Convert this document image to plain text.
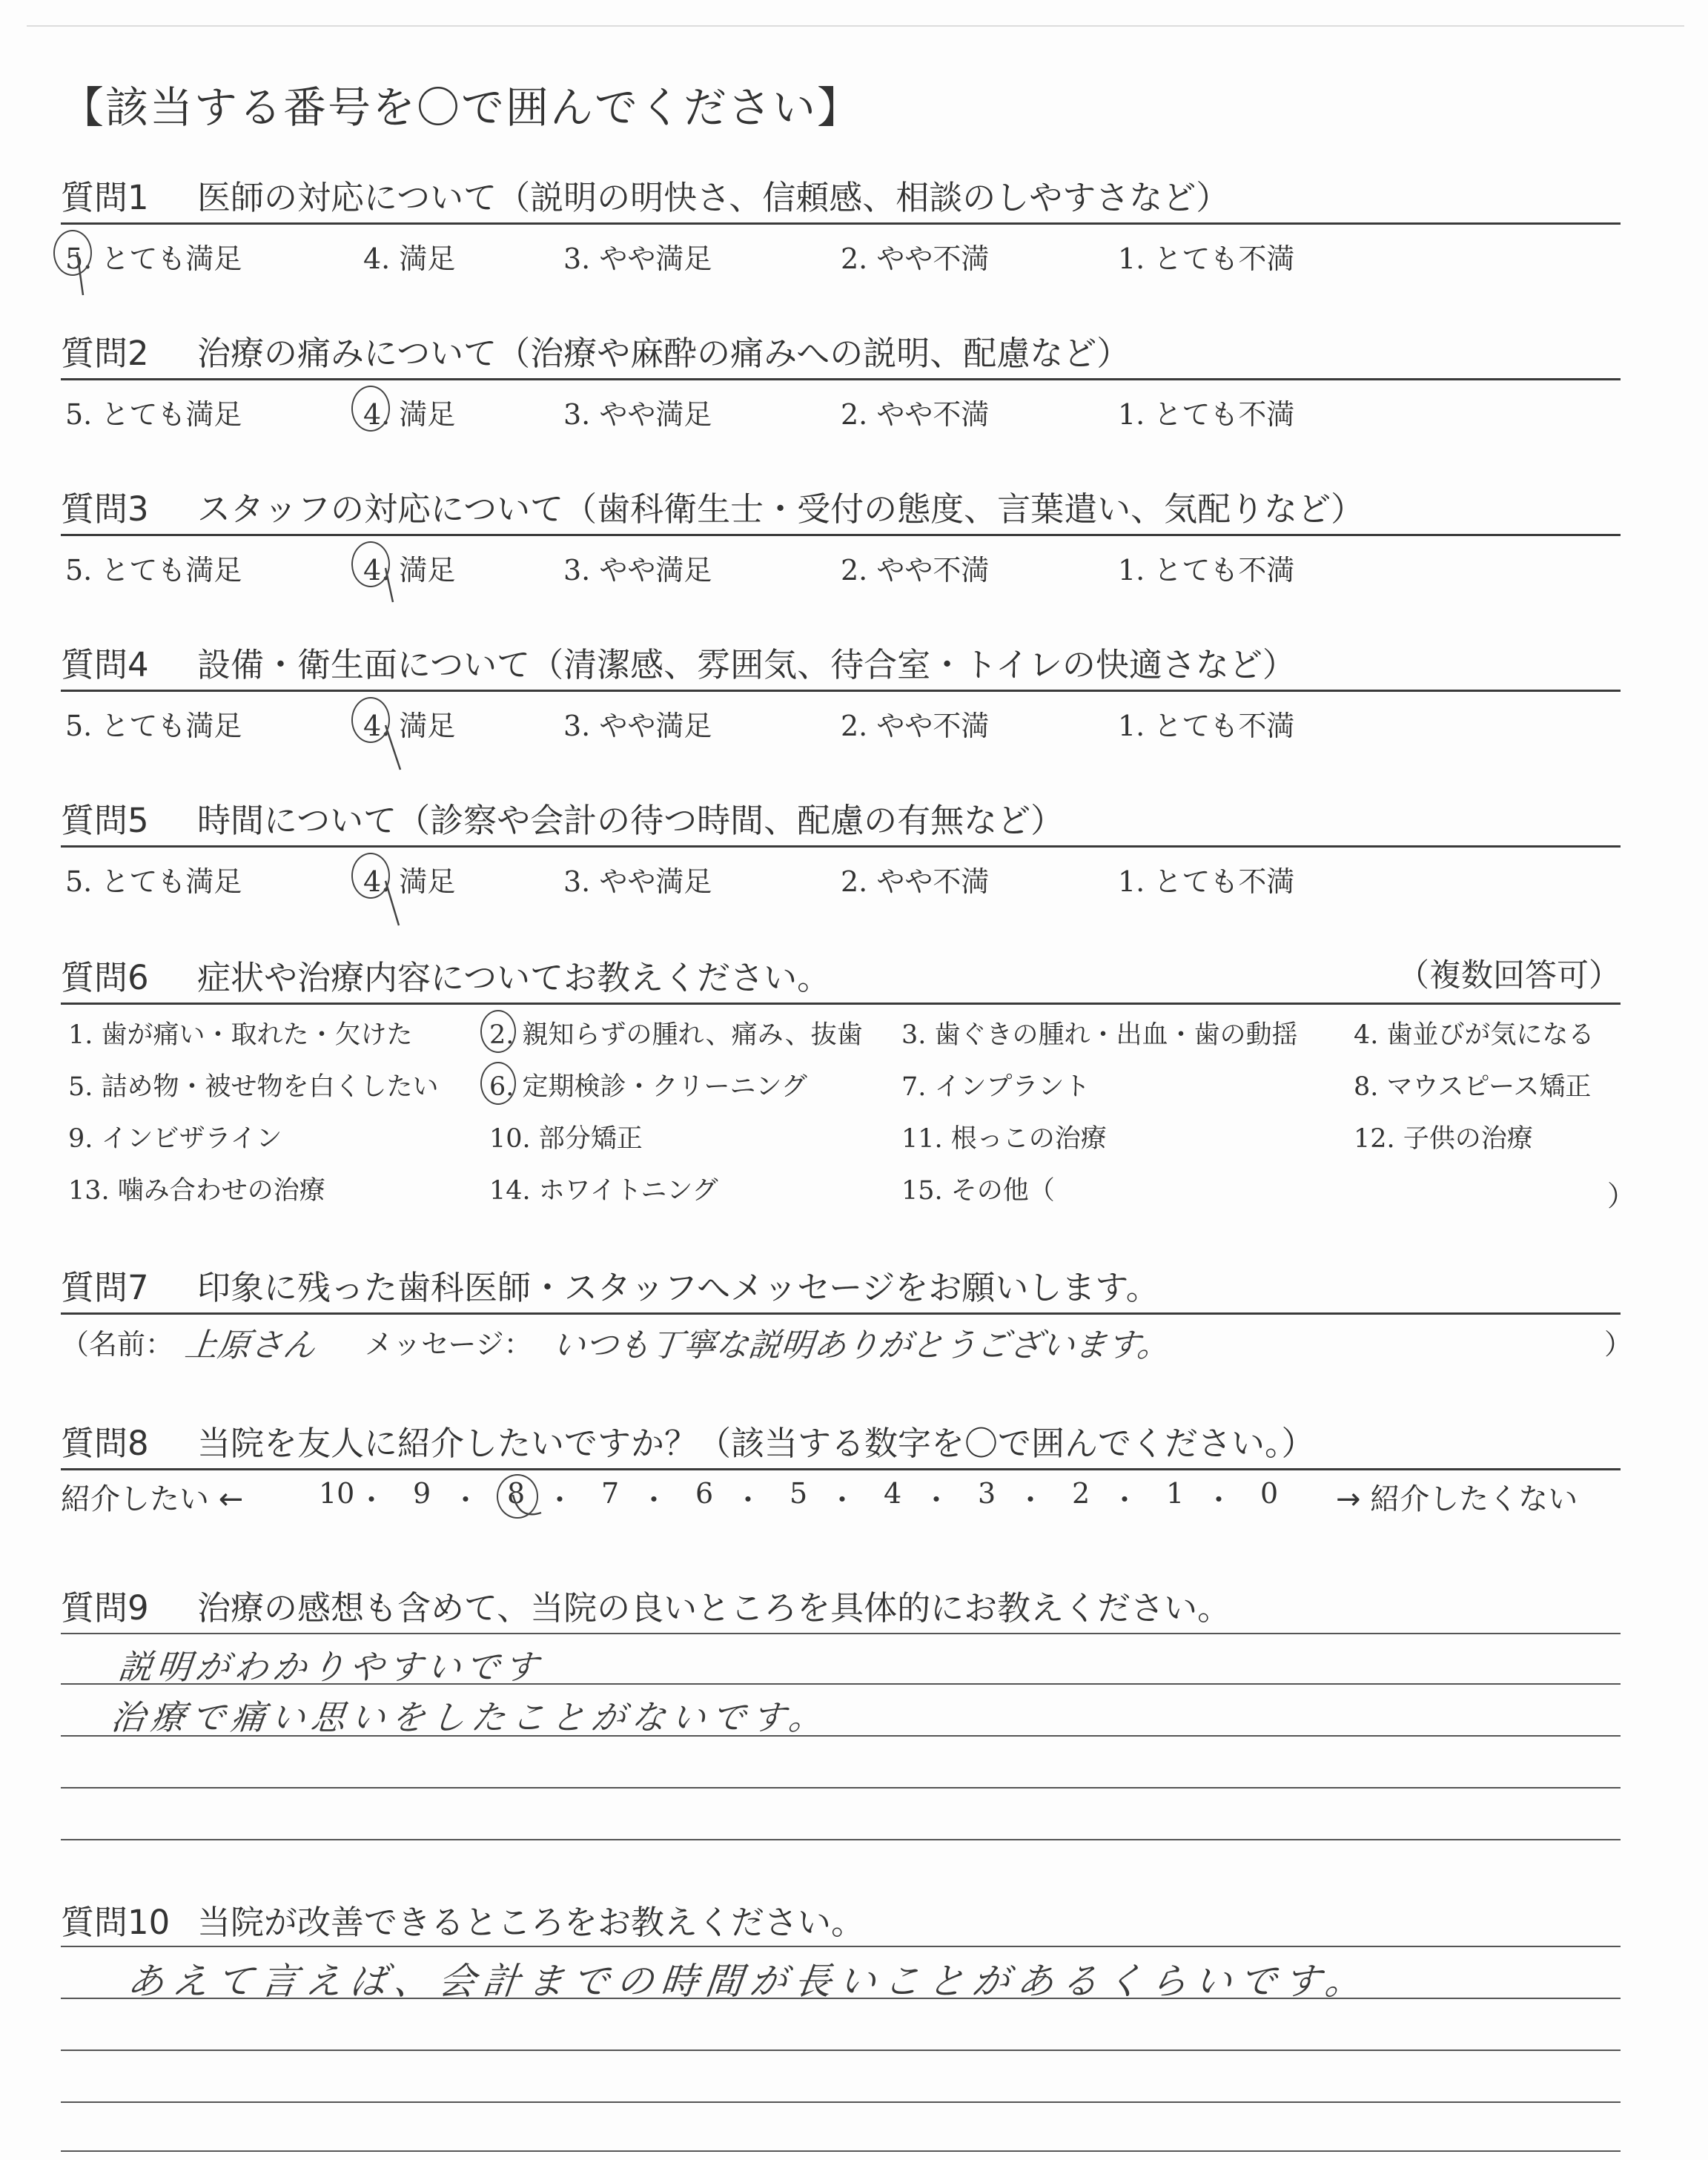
【該当する番号を〇で囲んでください】
質問1 医師の対応について（説明の明快さ、信頼感、相談のしやすさなど）
5. とても満足	4. 満足	3. やや満足	2. やや不満	1. とても不満
質問2 治療の痛みについて（治療や麻酔の痛みへの説明、配慮など）
5. とても満足	4. 満足	3. やや満足	2. やや不満	1. とても不満
質問3 スタッフの対応について（歯科衛生士・受付の態度、言葉遣い、気配りなど）
5. とても満足	4. 満足	3. やや満足	2. やや不満	1. とても不満
質問4 設備・衛生面について（清潔感、雰囲気、待合室・トイレの快適さなど）
5. とても満足	4. 満足	3. やや満足	2. やや不満	1. とても不満
質問5 時間について（診察や会計の待つ時間、配慮の有無など）
5. とても満足	4. 満足	3. やや満足	2. やや不満	1. とても不満
質問6 症状や治療内容についてお教えください。	（複数回答可）
1. 歯が痛い・取れた・欠けた	2. 親知らずの腫れ、痛み、抜歯 3. 歯ぐきの腫れ・出血・歯の動揺 4. 歯並びが気になる
5. 詰め物・被せ物を白くしたい 6. 定期検診・クリーニング	7. インプラント	8. マウスピース矯正
9. インビザライン	10. 部分矯正	11. 根っこの治療	12. 子供の治療
13. 噛み合わせの治療	14. ホワイトニング	15. その他（	）
質問7 印象に残った歯科医師・スタッフへメッセージをお願いします。
（名前： 上原さん メッセージ： いつも丁寧な説明ありがとうございます。	）
質問8 当院を友人に紹介したいですか？（該当する数字を〇で囲んでください。）
紹介したい ←	10 ・ 9 ・ 8 ・ 7 ・ 6 ・ 5 ・ 4 ・ 3 ・ 2 ・ 1 ・ 0 → 紹介したくない
質問9 治療の感想も含めて、当院の良いところを具体的にお教えください。
説明がわかりやすいです
治療で痛い思いをしたことがないです。
質問10 当院が改善できるところをお教えください。
あえて言えば、会計までの時間が長いことがあるくらいです。
